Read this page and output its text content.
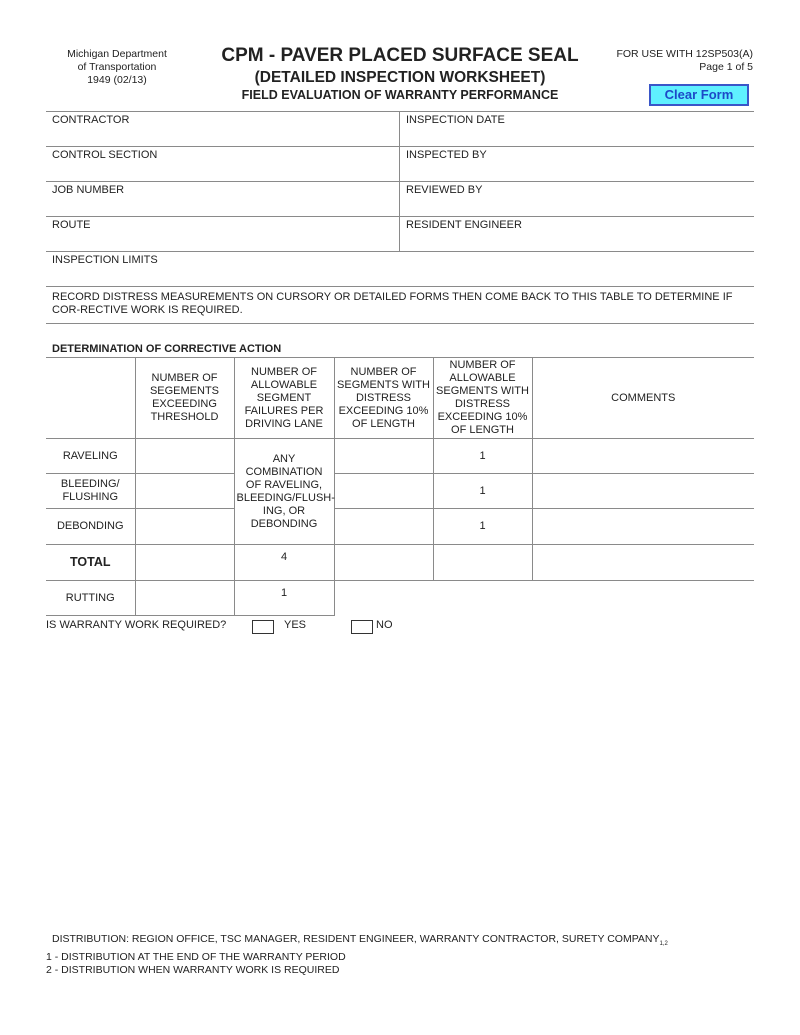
Michigan Department
of Transportation
1949 (02/13)
CPM - PAVER PLACED SURFACE SEAL
(DETAILED INSPECTION WORKSHEET)
FIELD EVALUATION OF WARRANTY PERFORMANCE
FOR USE WITH 12SP503(A)
Page 1 of 5
Clear Form
CONTRACTOR	INSPECTION DATE
CONTROL SECTION	INSPECTED BY
JOB NUMBER	REVIEWED BY
ROUTE	RESIDENT ENGINEER
INSPECTION LIMITS
RECORD DISTRESS MEASUREMENTS ON CURSORY OR DETAILED FORMS THEN COME BACK TO THIS TABLE TO DETERMINE IF COR-RECTIVE WORK IS REQUIRED.
DETERMINATION OF CORRECTIVE ACTION
	NUMBER OF SEGEMENTS EXCEEDING THRESHOLD	NUMBER OF ALLOWABLE SEGMENT FAILURES PER DRIVING LANE	NUMBER OF SEGMENTS WITH DISTRESS EXCEEDING 10% OF LENGTH	NUMBER OF ALLOWABLE SEGMENTS WITH DISTRESS EXCEEDING 10% OF LENGTH	COMMENTS
RAVELING		ANY COMBINATION OF RAVELING, BLEEDING/FLUSH-ING, OR DEBONDING		1	
BLEEDING/ FLUSHING				1	
DEBONDING				1	
TOTAL		4			
RUTTING		1			
IS WARRANTY WORK REQUIRED?	YES	NO
DISTRIBUTION: REGION OFFICE, TSC MANAGER, RESIDENT ENGINEER, WARRANTY CONTRACTOR, SURETY $COMPANY_{1,2}$
1 - DISTRIBUTION AT THE END OF THE WARRANTY PERIOD
2 - DISTRIBUTION WHEN WARRANTY WORK IS REQUIRED
